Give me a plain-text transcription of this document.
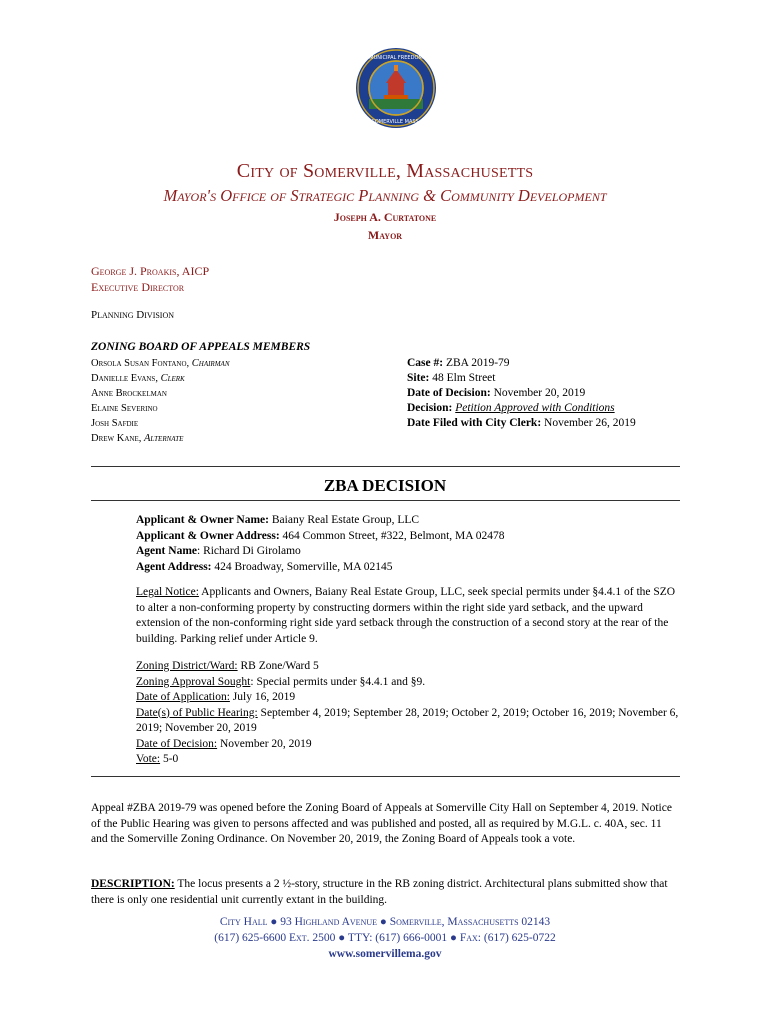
MUNICIPAL FREEDOM
SOMERVILLE MASS.
City of Somerville, Massachusetts
Mayor's Office of Strategic Planning & Community Development
Joseph A. Curtatone
Mayor
George J. Proakis, AICP
Executive Director
Planning Division
ZONING BOARD OF APPEALS MEMBERS
Orsola Susan Fontano, Chairman
Danielle Evans, Clerk
Anne Brockelman
Elaine Severino
Josh Safdie
Drew Kane, Alternate
Case #: ZBA 2019-79
Site: 48 Elm Street
Date of Decision: November 20, 2019
Decision: Petition Approved with Conditions
Date Filed with City Clerk: November 26, 2019
ZBA DECISION
Applicant & Owner Name: Baiany Real Estate Group, LLC
Applicant & Owner Address: 464 Common Street, #322, Belmont, MA 02478
Agent Name: Richard Di Girolamo
Agent Address: 424 Broadway, Somerville, MA 02145
Legal Notice: Applicants and Owners, Baiany Real Estate Group, LLC, seek special permits under §4.4.1 of the SZO to alter a non-conforming property by constructing dormers within the right side yard setback, and the upward extension of the non-conforming right side yard setback through the construction of a second story at the rear of the building. Parking relief under Article 9.
Zoning District/Ward: RB Zone/Ward 5
Zoning Approval Sought: Special permits under §4.4.1 and §9.
Date of Application: July 16, 2019
Date(s) of Public Hearing: September 4, 2019; September 28, 2019; October 2, 2019; October 16, 2019; November 6, 2019; November 20, 2019
Date of Decision: November 20, 2019
Vote: 5-0
Appeal #ZBA 2019-79 was opened before the Zoning Board of Appeals at Somerville City Hall on September 4, 2019. Notice of the Public Hearing was given to persons affected and was published and posted, all as required by M.G.L. c. 40A, sec. 11 and the Somerville Zoning Ordinance. On November 20, 2019, the Zoning Board of Appeals took a vote.
DESCRIPTION: The locus presents a 2 ½-story, structure in the RB zoning district. Architectural plans submitted show that there is only one residential unit currently extant in the building.
City Hall ● 93 Highland Avenue ● Somerville, Massachusetts 02143
(617) 625-6600 Ext. 2500 ● TTY: (617) 666-0001 ● Fax: (617) 625-0722
www.somervillema.gov
